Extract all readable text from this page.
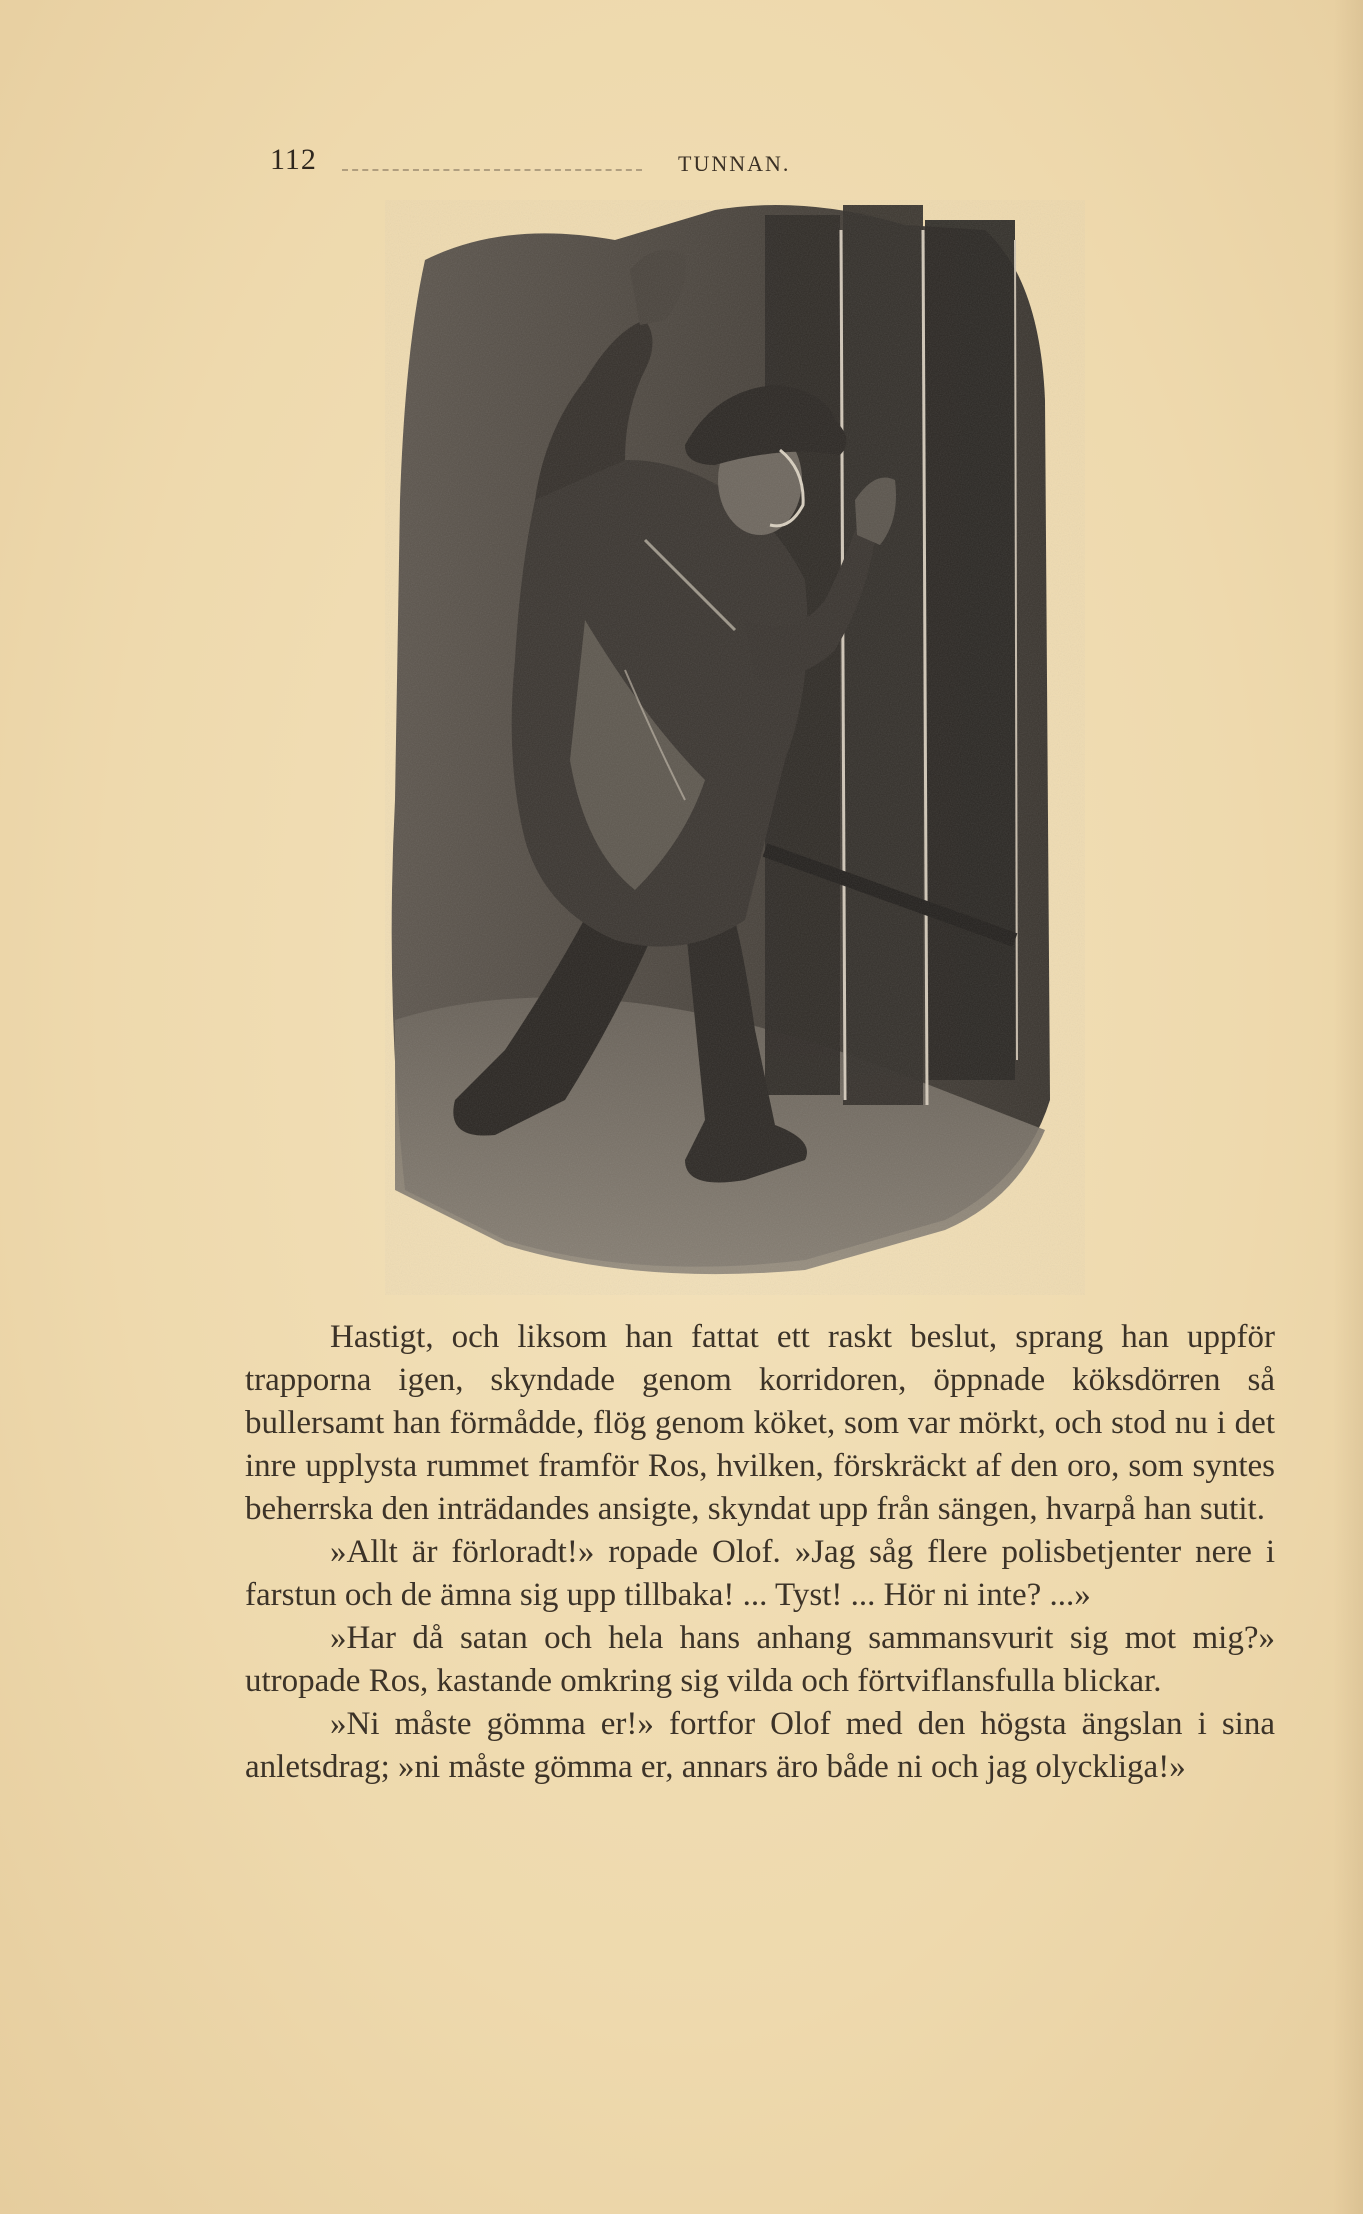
112	TUNNAN.

Hastigt, och liksom han fattat ett raskt beslut, sprang han uppför trapporna igen, skyndade genom korridoren, öppnade köksdörren så bullersamt han förmådde, flög genom köket, som var mörkt, och stod nu i det inre upplysta rummet framför Ros, hvilken, förskräckt af den oro, som syntes beherrska den inträdandes ansigte, skyndat upp från sängen, hvarpå han sutit.

»Allt är förloradt!» ropade Olof. »Jag såg flere polisbetjenter nere i farstun och de ämna sig upp tillbaka! ... Tyst! ... Hör ni inte? ...»

»Har då satan och hela hans anhang sammansvurit sig mot mig?» utropade Ros, kastande omkring sig vilda och förtviflansfulla blickar.

»Ni måste gömma er!» fortfor Olof med den högsta ängslan i sina anletsdrag; »ni måste gömma er, annars äro både ni och jag olyckliga!»
